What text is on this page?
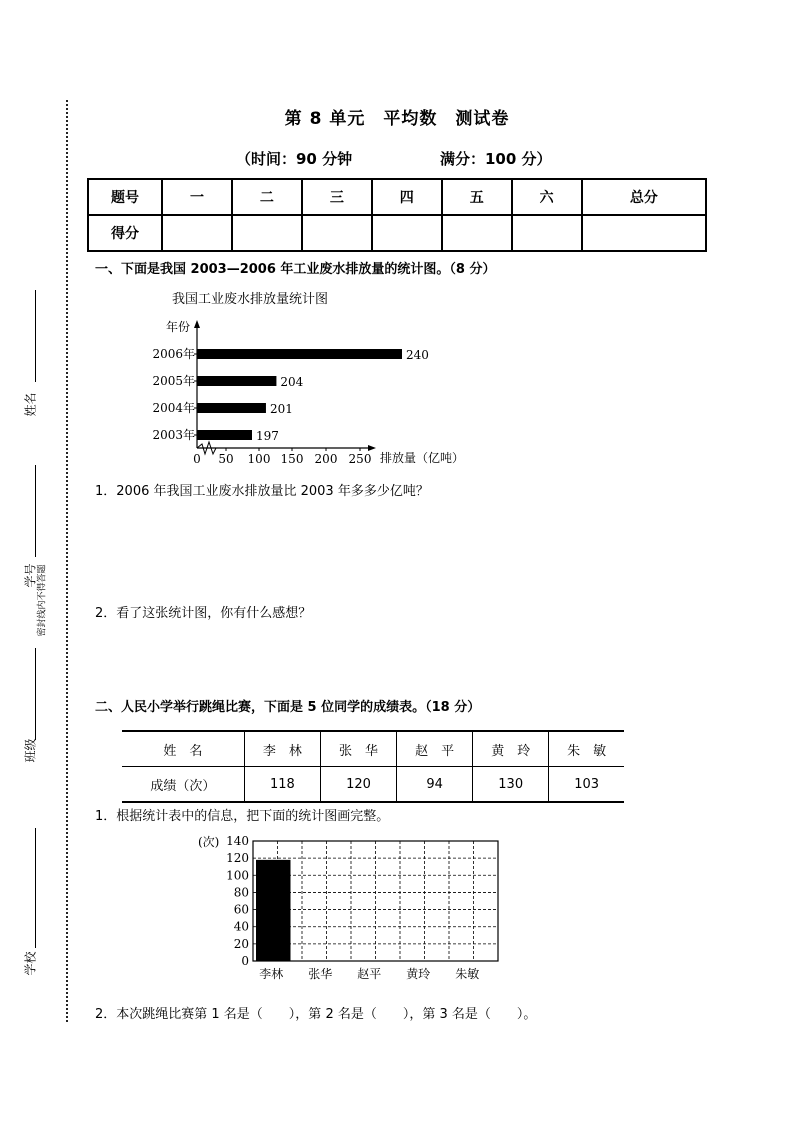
姓名
学号 密封线内不得答题
班级
学校
第 8 单元　平均数　测试卷
（时间：90 分钟	满分：100 分）
题号	一	二	三	四	五	六	总分
得分							
一、下面是我国 2003—2006 年工业废水排放量的统计图。（8 分）
我国工业废水排放量统计图
年份
排放量（亿吨）
2003年	197
2004年	201
2005年	204
2006年	240
0 50 100 150 200 250
1．2006 年我国工业废水排放量比 2003 年多多少亿吨？
2．看了这张统计图，你有什么感想？
二、人民小学举行跳绳比赛，下面是 5 位同学的成绩表。（18 分）
姓　名	李　林	张　华	赵　平	黄　玲	朱　敏
成绩（次）	118	120	94	130	103
1．根据统计表中的信息，把下面的统计图画完整。
(次)
0
20
40
60
80
100
120
140
李林 张华 赵平 黄玲 朱敏
2．本次跳绳比赛第 1 名是（　　），第 2 名是（　　），第 3 名是（　　）。
